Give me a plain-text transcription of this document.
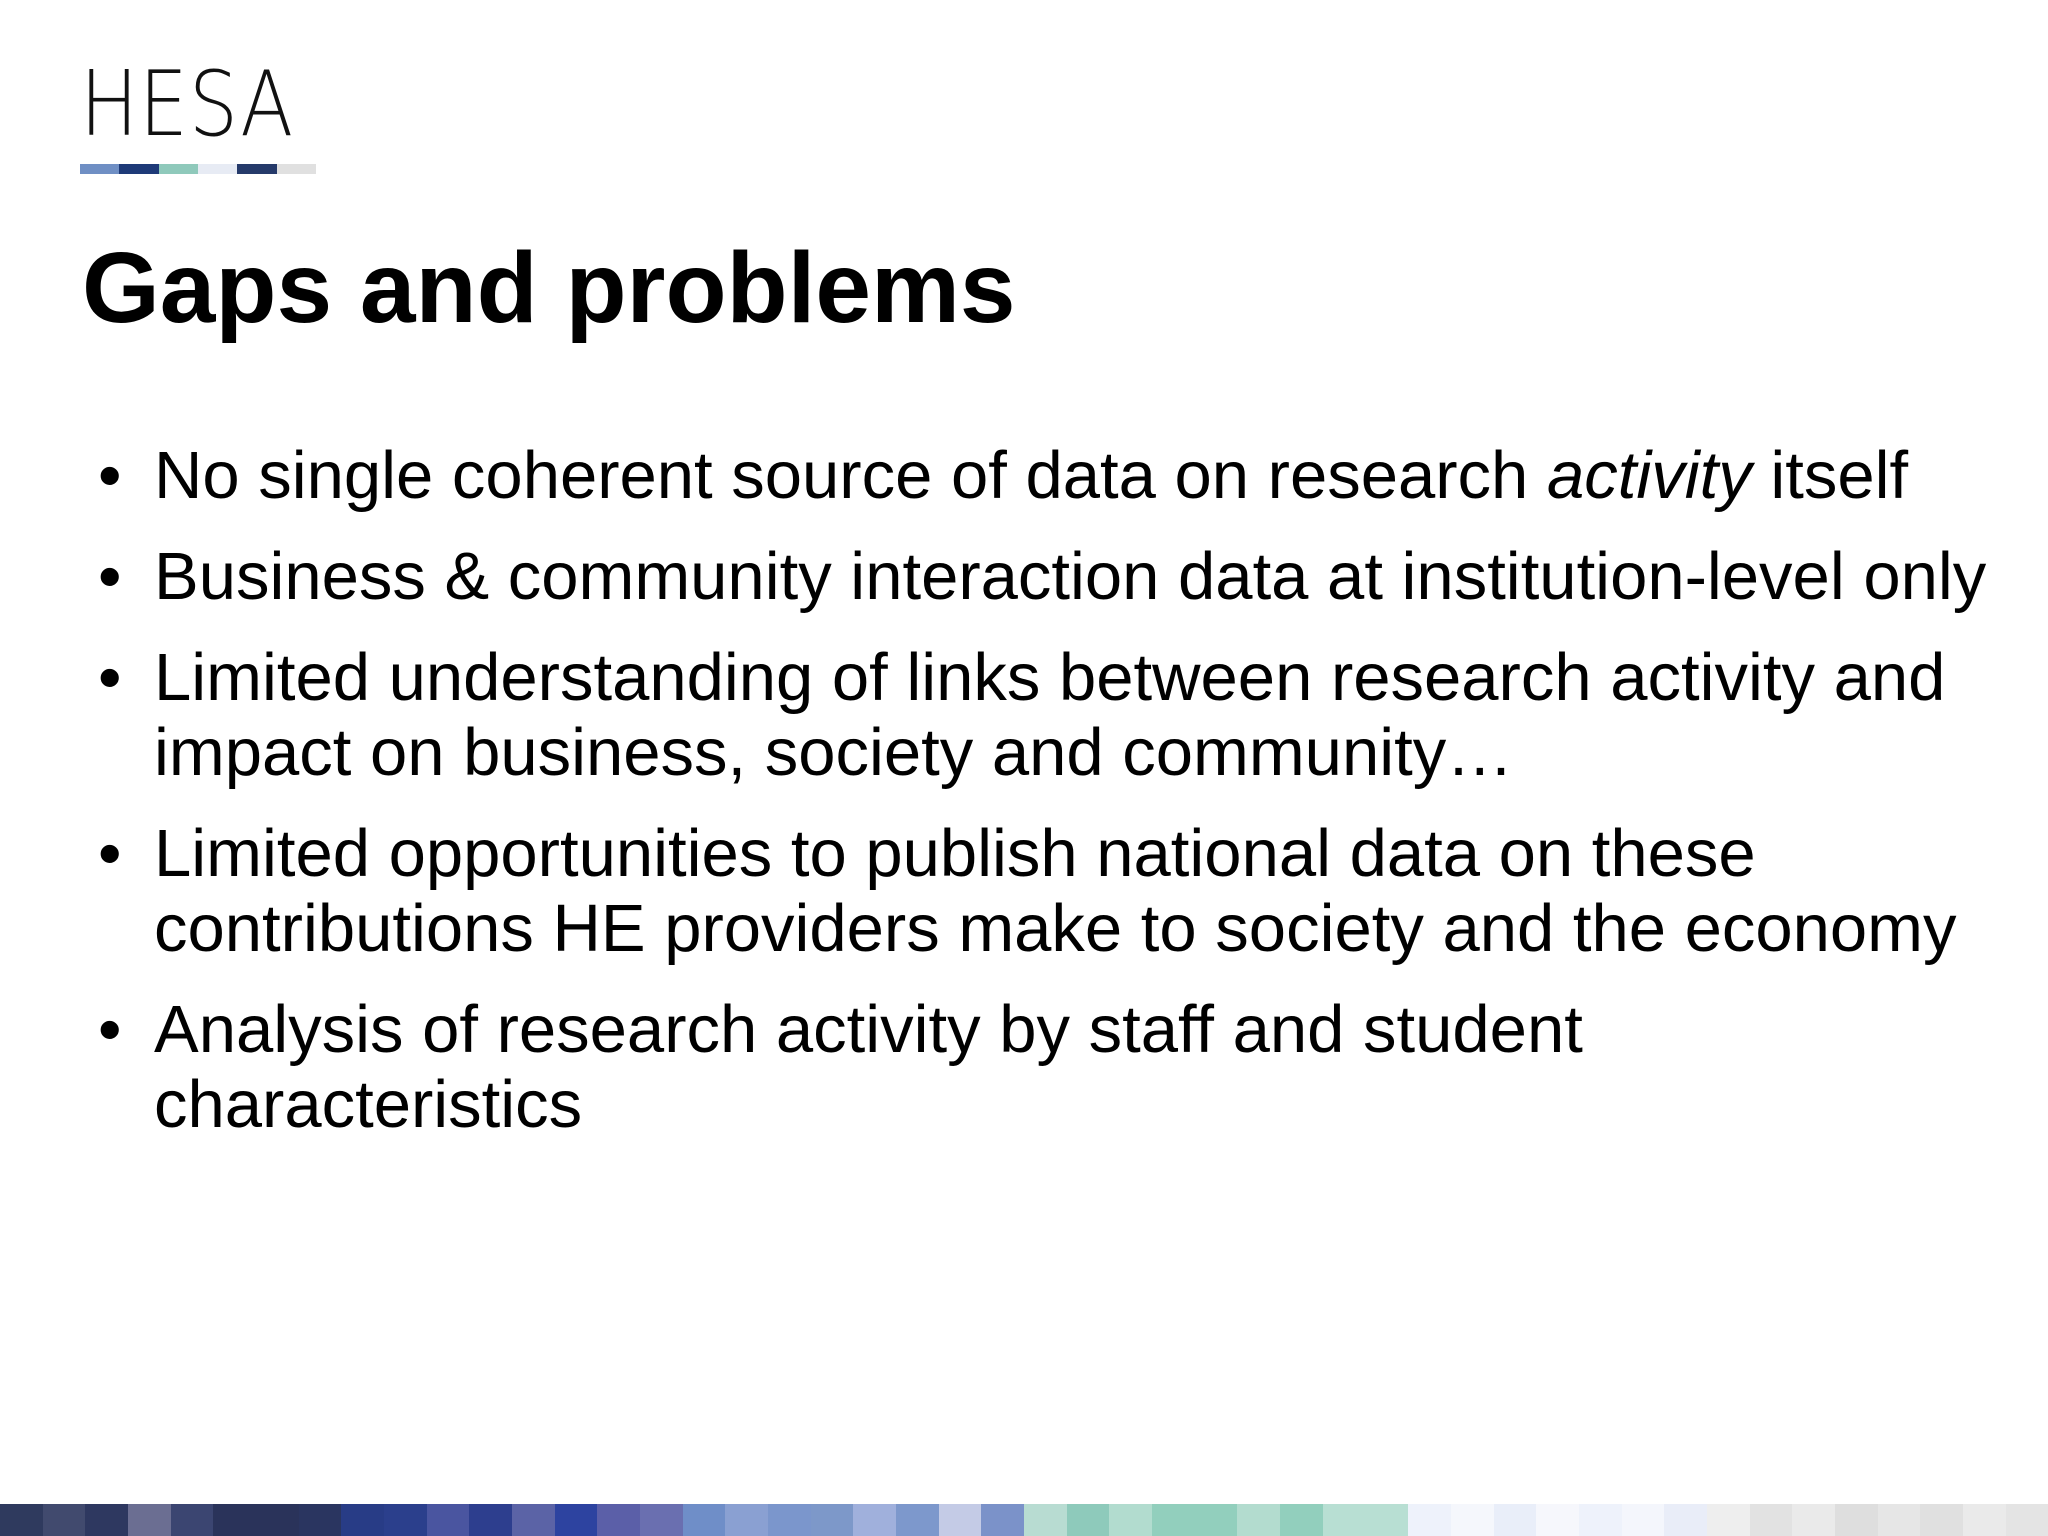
HESA
Gaps and problems
• No single coherent source of data on research activity itself
• Business & community interaction data at institution-level only
• Limited understanding of links between research activity and impact on business, society and community…
• Limited opportunities to publish national data on these contributions HE providers make to society and the economy
• Analysis of research activity by staff and student characteristics
